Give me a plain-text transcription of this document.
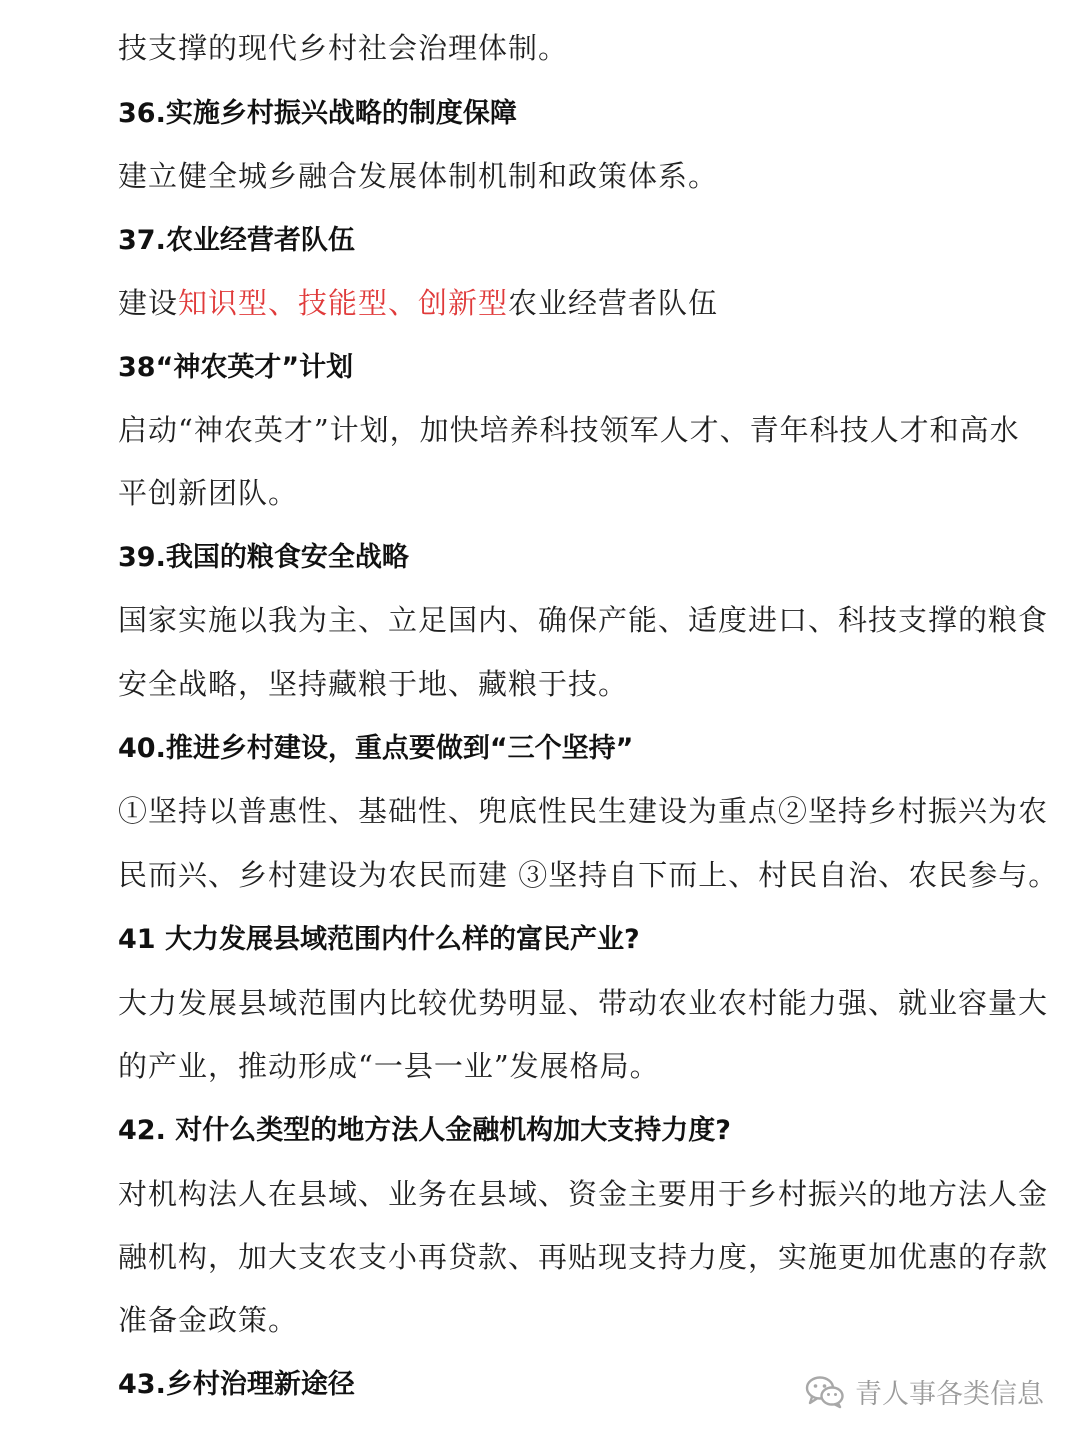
技支撑的现代乡村社会治理体制。
36.实施乡村振兴战略的制度保障
建立健全城乡融合发展体制机制和政策体系。
37.农业经营者队伍
建设知识型、技能型、创新型农业经营者队伍
38“神农英才”计划
启动“神农英才”计划，加快培养科技领军人才、青年科技人才和高水
平创新团队。
39.我国的粮食安全战略
国家实施以我为主、立足国内、确保产能、适度进口、科技支撑的粮食
安全战略，坚持藏粮于地、藏粮于技。
40.推进乡村建设，重点要做到“三个坚持”
①坚持以普惠性、基础性、兜底性民生建设为重点②坚持乡村振兴为农
民而兴、乡村建设为农民而建 ③坚持自下而上、村民自治、农民参与。
41 大力发展县域范围内什么样的富民产业?
大力发展县域范围内比较优势明显、带动农业农村能力强、就业容量大
的产业，推动形成“一县一业”发展格局。
42. 对什么类型的地方法人金融机构加大支持力度?
对机构法人在县域、业务在县域、资金主要用于乡村振兴的地方法人金
融机构，加大支农支小再贷款、再贴现支持力度，实施更加优惠的存款
准备金政策。
43.乡村治理新途径	青人事各类信息
